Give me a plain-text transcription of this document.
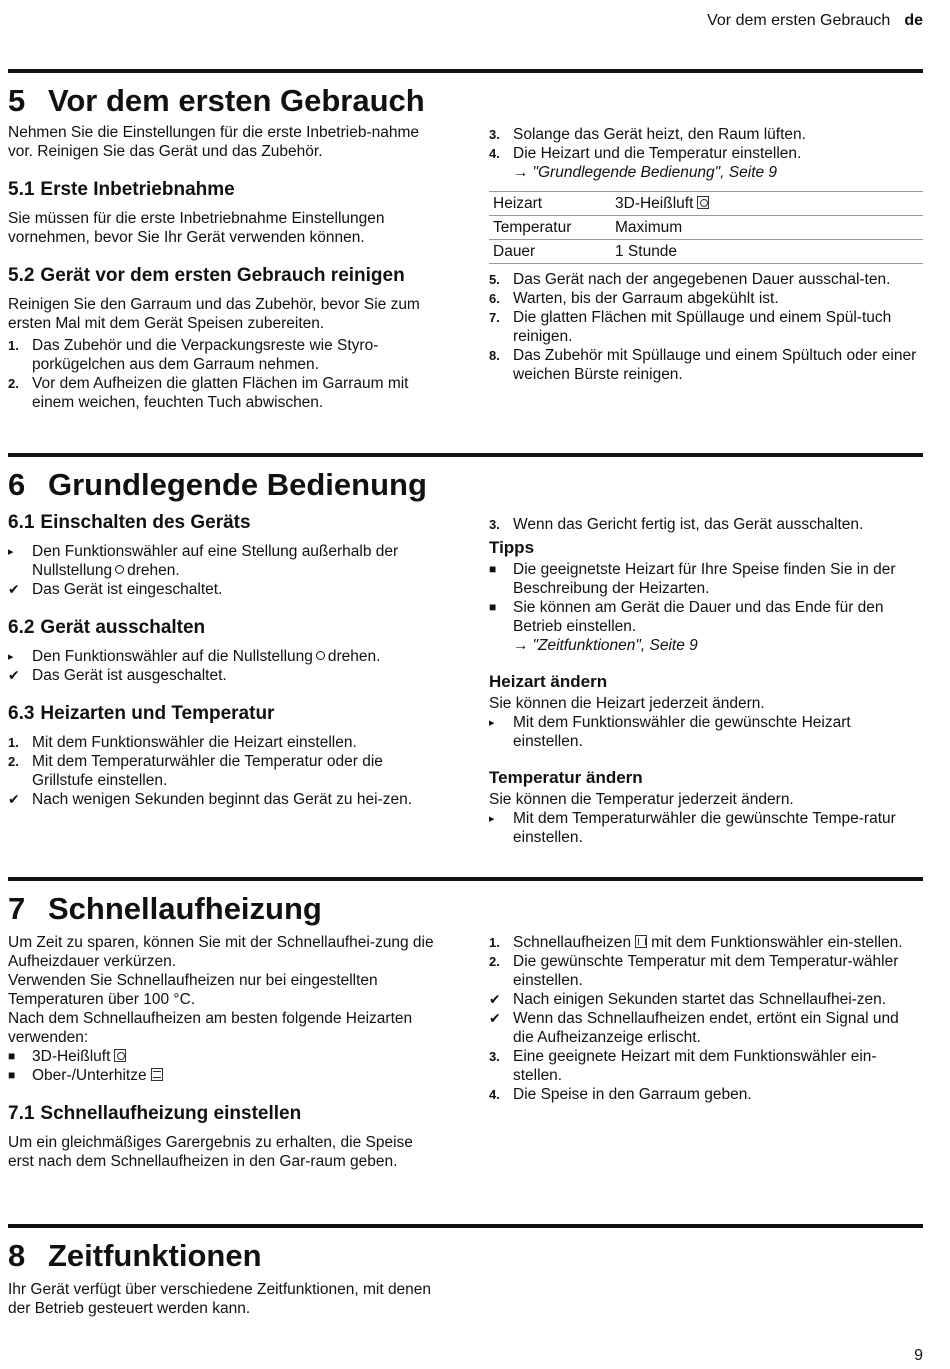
Vor dem ersten Gebrauch de
5 Vor dem ersten Gebrauch

Nehmen Sie die Einstellungen für die erste Inbetrieb-nahme vor. Reinigen Sie das Gerät und das Zubehör.

5.1 Erste Inbetriebnahme

Sie müssen für die erste Inbetriebnahme Einstellungen vornehmen, bevor Sie Ihr Gerät verwenden können.

5.2 Gerät vor dem ersten Gebrauch reinigen

Reinigen Sie den Garraum und das Zubehör, bevor Sie zum ersten Mal mit dem Gerät Speisen zubereiten.

1. Das Zubehör und die Verpackungsreste wie Styro-porkügelchen aus dem Garraum nehmen.
2. Vor dem Aufheizen die glatten Flächen im Garraum mit einem weichen, feuchten Tuch abwischen.
3. Solange das Gerät heizt, den Raum lüften.
4. Die Heizart und die Temperatur einstellen.
→ "Grundlegende Bedienung", Seite 9
Heizart	3D-Heißluft
Temperatur	Maximum
Dauer	1 Stunde
5. Das Gerät nach der angegebenen Dauer ausschal-ten.
6. Warten, bis der Garraum abgekühlt ist.
7. Die glatten Flächen mit Spüllauge und einem Spül-tuch reinigen.
8. Das Zubehör mit Spüllauge und einem Spültuch oder einer weichen Bürste reinigen.
6 Grundlegende Bedienung
6.1 Einschalten des Geräts
▸	Den Funktionswähler auf eine Stellung außerhalb der Nullstellung drehen.
✔ Das Gerät ist eingeschaltet.
6.2 Gerät ausschalten
▸	Den Funktionswähler auf die Nullstellung drehen.
✔ Das Gerät ist ausgeschaltet.
6.3 Heizarten und Temperatur
1. Mit dem Funktionswähler die Heizart einstellen.
2. Mit dem Temperaturwähler die Temperatur oder die Grillstufe einstellen.
✔ Nach wenigen Sekunden beginnt das Gerät zu hei-zen.
3. Wenn das Gericht fertig ist, das Gerät ausschalten.
Tipps
■	Die geeignetste Heizart für Ihre Speise finden Sie in der Beschreibung der Heizarten.
■	Sie können am Gerät die Dauer und das Ende für den Betrieb einstellen.
→ "Zeitfunktionen", Seite 9
Heizart ändern

Sie können die Heizart jederzeit ändern.

▸	Mit dem Funktionswähler die gewünschte Heizart einstellen.
Temperatur ändern

Sie können die Temperatur jederzeit ändern.

▸	Mit dem Temperaturwähler die gewünschte Tempe-ratur einstellen.
7 Schnellaufheizung

Um Zeit zu sparen, können Sie mit der Schnellaufhei-zung die Aufheizdauer verkürzen.

Verwenden Sie Schnellaufheizen nur bei eingestellten Temperaturen über 100 °C.

Nach dem Schnellaufheizen am besten folgende Heizarten verwenden:

■	3D-Heißluft
■	Ober-/Unterhitze
7.1 Schnellaufheizung einstellen

Um ein gleichmäßiges Garergebnis zu erhalten, die Speise erst nach dem Schnellaufheizen in den Gar-raum geben.

1. Schnellaufheizen mit dem Funktionswähler ein-stellen.
2. Die gewünschte Temperatur mit dem Temperatur-wähler einstellen.
✔ Nach einigen Sekunden startet das Schnellaufhei-zen.
✔ Wenn das Schnellaufheizen endet, ertönt ein Signal und die Aufheizanzeige erlischt.
3. Eine geeignete Heizart mit dem Funktionswähler ein-stellen.
4. Die Speise in den Garraum geben.
8 Zeitfunktionen

Ihr Gerät verfügt über verschiedene Zeitfunktionen, mit denen der Betrieb gesteuert werden kann.

9
